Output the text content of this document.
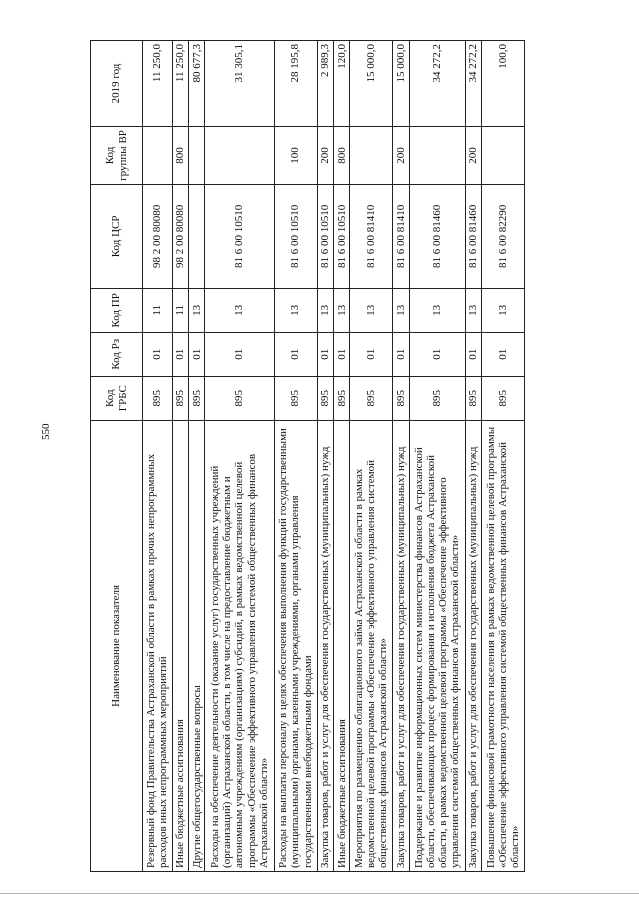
550
Наименование показателя	Код ГРБС	Код Рз	Код ПР	Код ЦСР	Код группы ВР	2019 год
Резервный фонд Правительства Астраханской области в рамках прочих непрограммных расходов иных непрограммных мероприятий	895	01	11	98 2 00 80080		11 250,0
Иные бюджетные ассигнования	895	01	11	98 2 00 80080	800	11 250,0
Другие общегосударственные вопросы	895	01	13			80 677,3
Расходы на обеспечение деятельности (оказание услуг) государственных учреждений (организаций) Астраханской области, в том числе на предоставление бюджетным и автономным учреждениям (организациям) субсидий, в рамках ведомственной целевой программы «Обеспечение эффективного управления системой общественных финансов Астраханской области»	895	01	13	81 6 00 10510		31 305,1
Расходы на выплаты персоналу в целях обеспечения выполнения функций государственными (муниципальными) органами, казенными учреждениями, органами управления государственными внебюджетными фондами	895	01	13	81 6 00 10510	100	28 195,8
Закупка товаров, работ и услуг для обеспечения государственных (муниципальных) нужд	895	01	13	81 6 00 10510	200	2 989,3
Иные бюджетные ассигнования	895	01	13	81 6 00 10510	800	120,0
Мероприятия по размещению облигационного займа Астраханской области в рамках ведомственной целевой программы «Обеспечение эффективного управления системой общественных финансов Астраханской области»	895	01	13	81 6 00 81410		15 000,0
Закупка товаров, работ и услуг для обеспечения государственных (муниципальных) нужд	895	01	13	81 6 00 81410	200	15 000,0
Поддержание и развитие информационных систем министерства финансов Астраханской области, обеспечивающих процесс формирования и исполнения бюджета Астраханской области, в рамках ведомственной целевой программы «Обеспечение эффективного управления системой общественных финансов Астраханской области»	895	01	13	81 6 00 81460		34 272,2
Закупка товаров, работ и услуг для обеспечения государственных (муниципальных) нужд	895	01	13	81 6 00 81460	200	34 272,2
Повышение финансовой грамотности населения в рамках ведомственной целевой программы «Обеспечение эффективного управления системой общественных финансов Астраханской области»	895	01	13	81 6 00 82290		100,0
